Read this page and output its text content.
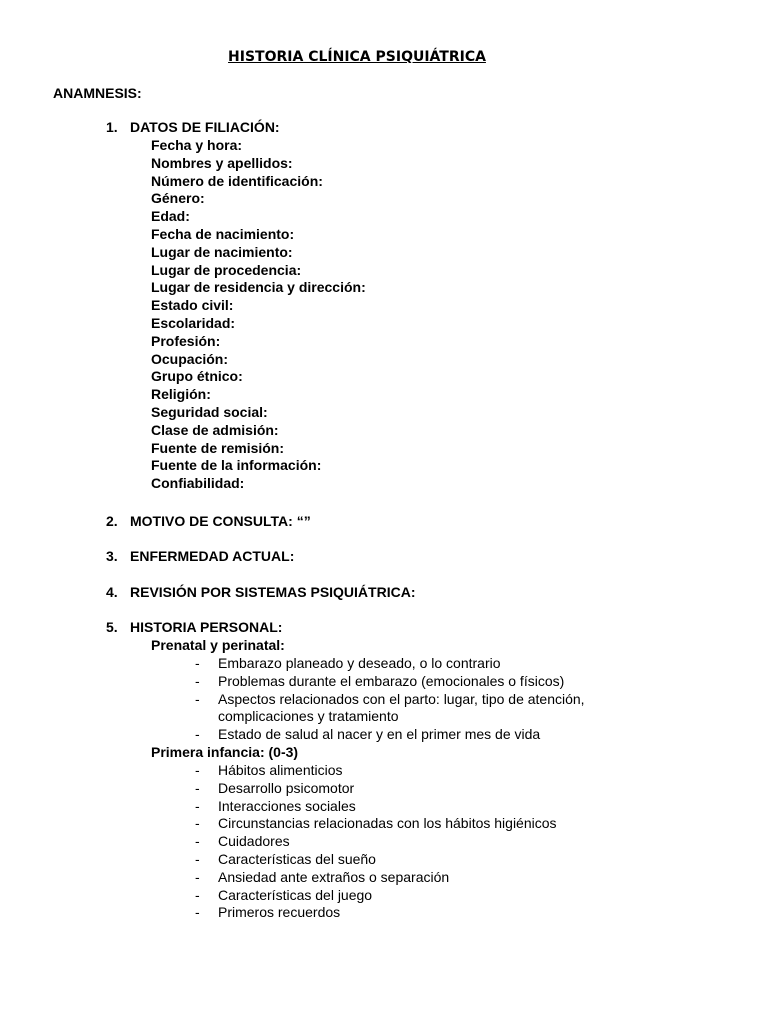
HISTORIA CLÍNICA PSIQUIÁTRICA
ANAMNESIS:
1. DATOS DE FILIACIÓN:
Fecha y hora:
Nombres y apellidos:
Número de identificación:
Género:
Edad:
Fecha de nacimiento:
Lugar de nacimiento:
Lugar de procedencia:
Lugar de residencia y dirección:
Estado civil:
Escolaridad:
Profesión:
Ocupación:
Grupo étnico:
Religión:
Seguridad social:
Clase de admisión:
Fuente de remisión:
Fuente de la información:
Confiabilidad:
2. MOTIVO DE CONSULTA: “”
3. ENFERMEDAD ACTUAL:
4. REVISIÓN POR SISTEMAS PSIQUIÁTRICA:
5. HISTORIA PERSONAL:
Prenatal y perinatal:
- Embarazo planeado y deseado, o lo contrario
- Problemas durante el embarazo (emocionales o físicos)
- Aspectos relacionados con el parto: lugar, tipo de atención, complicaciones y tratamiento
- Estado de salud al nacer y en el primer mes de vida
Primera infancia: (0-3)
- Hábitos alimenticios
- Desarrollo psicomotor
- Interacciones sociales
- Circunstancias relacionadas con los hábitos higiénicos
- Cuidadores
- Características del sueño
- Ansiedad ante extraños o separación
- Características del juego
- Primeros recuerdos
